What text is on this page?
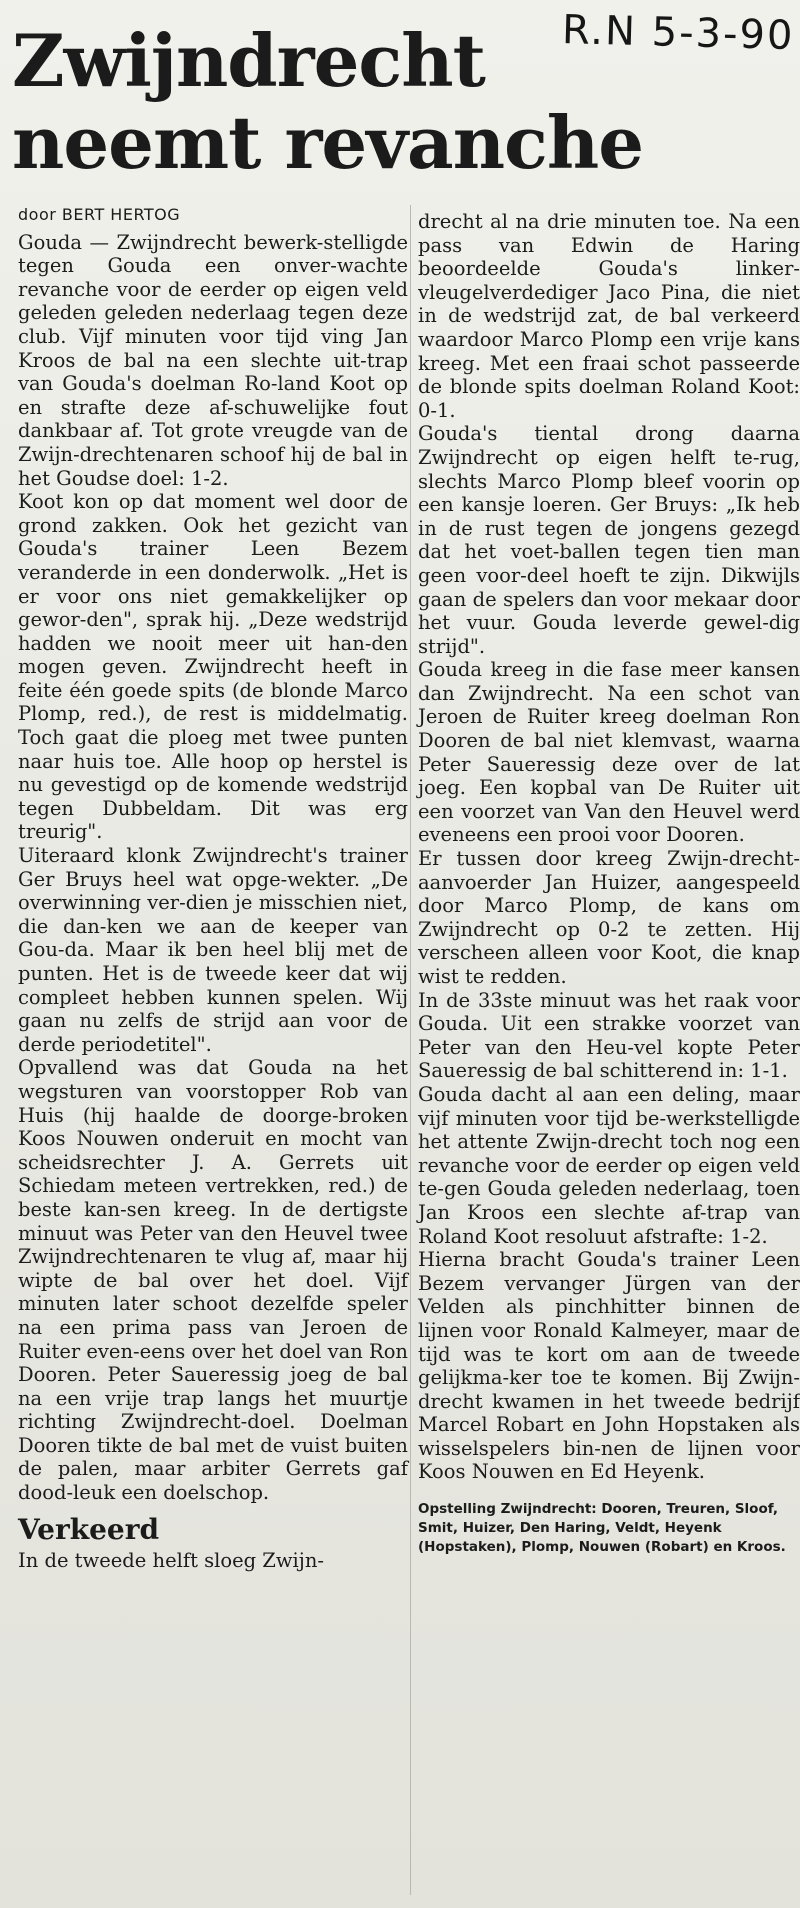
R.N 5-3-90
Zwijndrecht
neemt revanche

door BERT HERTOG

Gouda — Zwijndrecht bewerk-stelligde tegen Gouda een onver-wachte revanche voor de eerder op eigen veld geleden geleden nederlaag tegen deze club. Vijf minuten voor tijd ving Jan Kroos de bal na een slechte uit-trap van Gouda's doelman Ro-land Koot op en strafte deze af-schuwelijke fout dankbaar af. Tot grote vreugde van de Zwijn-drechtenaren schoof hij de bal in het Goudse doel: 1-2.

Koot kon op dat moment wel door de grond zakken. Ook het gezicht van Gouda's trainer Leen Bezem veranderde in een donderwolk. „Het is er voor ons niet gemakkelijker op gewor-den", sprak hij. „Deze wedstrijd hadden we nooit meer uit han-den mogen geven. Zwijndrecht heeft in feite één goede spits (de blonde Marco Plomp, red.), de rest is middelmatig. Toch gaat die ploeg met twee punten naar huis toe. Alle hoop op herstel is nu gevestigd op de komende wedstrijd tegen Dubbeldam. Dit was erg treurig".

Uiteraard klonk Zwijndrecht's trainer Ger Bruys heel wat opge-wekter. „De overwinning ver-dien je misschien niet, die dan-ken we aan de keeper van Gou-da. Maar ik ben heel blij met de punten. Het is de tweede keer dat wij compleet hebben kunnen spelen. Wij gaan nu zelfs de strijd aan voor de derde periodetitel".

Opvallend was dat Gouda na het wegsturen van voorstopper Rob van Huis (hij haalde de doorge-broken Koos Nouwen onderuit en mocht van scheidsrechter J. A. Gerrets uit Schiedam meteen vertrekken, red.) de beste kan-sen kreeg. In de dertigste minuut was Peter van den Heuvel twee Zwijndrechtenaren te vlug af, maar hij wipte de bal over het doel. Vijf minuten later schoot dezelfde speler na een prima pass van Jeroen de Ruiter even-eens over het doel van Ron Dooren. Peter Saueressig joeg de bal na een vrije trap langs het muurtje richting Zwijndrecht-doel. Doelman Dooren tikte de bal met de vuist buiten de palen, maar arbiter Gerrets gaf dood-leuk een doelschop.

Verkeerd

In de tweede helft sloeg Zwijn-

drecht al na drie minuten toe. Na een pass van Edwin de Haring beoordeelde Gouda's linker-vleugelverdediger Jaco Pina, die niet in de wedstrijd zat, de bal verkeerd waardoor Marco Plomp een vrije kans kreeg. Met een fraai schot passeerde de blonde spits doelman Roland Koot: 0-1.

Gouda's tiental drong daarna Zwijndrecht op eigen helft te-rug, slechts Marco Plomp bleef voorin op een kansje loeren. Ger Bruys: „Ik heb in de rust tegen de jongens gezegd dat het voet-ballen tegen tien man geen voor-deel hoeft te zijn. Dikwijls gaan de spelers dan voor mekaar door het vuur. Gouda leverde gewel-dig strijd".

Gouda kreeg in die fase meer kansen dan Zwijndrecht. Na een schot van Jeroen de Ruiter kreeg doelman Ron Dooren de bal niet klemvast, waarna Peter Saueressig deze over de lat joeg. Een kopbal van De Ruiter uit een voorzet van Van den Heuvel werd eveneens een prooi voor Dooren.

Er tussen door kreeg Zwijn-drecht-aanvoerder Jan Huizer, aangespeeld door Marco Plomp, de kans om Zwijndrecht op 0-2 te zetten. Hij verscheen alleen voor Koot, die knap wist te redden.

In de 33ste minuut was het raak voor Gouda. Uit een strakke voorzet van Peter van den Heu-vel kopte Peter Saueressig de bal schitterend in: 1-1.

Gouda dacht al aan een deling, maar vijf minuten voor tijd be-werkstelligde het attente Zwijn-drecht toch nog een revanche voor de eerder op eigen veld te-gen Gouda geleden nederlaag, toen Jan Kroos een slechte af-trap van Roland Koot resoluut afstrafte: 1-2.

Hierna bracht Gouda's trainer Leen Bezem vervanger Jürgen van der Velden als pinchhitter binnen de lijnen voor Ronald Kalmeyer, maar de tijd was te kort om aan de tweede gelijkma-ker toe te komen. Bij Zwijn-drecht kwamen in het tweede bedrijf Marcel Robart en John Hopstaken als wisselspelers bin-nen de lijnen voor Koos Nouwen en Ed Heyenk.

Opstelling Zwijndrecht: Dooren, Treuren, Sloof, Smit, Huizer, Den Haring, Veldt, Heyenk (Hopstaken), Plomp, Nouwen (Robart) en Kroos.
